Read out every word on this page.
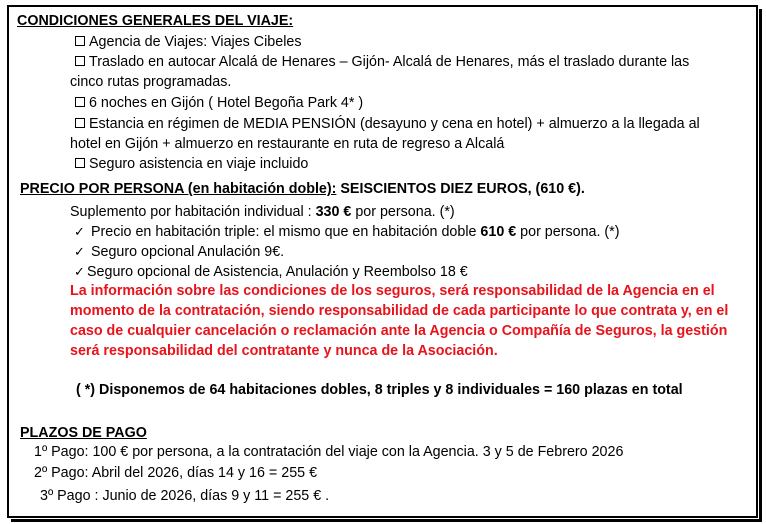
CONDICIONES GENERALES DEL VIAJE:
Agencia de Viajes: Viajes Cibeles
Traslado en autocar Alcalá de Henares – Gijón- Alcalá de Henares, más el traslado durante las
cinco rutas programadas.
6 noches en Gijón ( Hotel Begoña Park 4* )
Estancia en régimen de MEDIA PENSIÓN (desayuno y cena en hotel) + almuerzo a la llegada al
hotel en Gijón + almuerzo en restaurante en ruta de regreso a Alcalá
Seguro asistencia en viaje incluido
PRECIO POR PERSONA (en habitación doble): SEISCIENTOS DIEZ EUROS, (610 €).
Suplemento por habitación individual : 330 € por persona. (*)
✓ Precio en habitación triple: el mismo que en habitación doble 610 € por persona. (*)
✓ Seguro opcional Anulación 9€.
✓ Seguro opcional de Asistencia, Anulación y Reembolso 18 €
La información sobre las condiciones de los seguros, será responsabilidad de la Agencia en el
momento de la contratación, siendo responsabilidad de cada participante lo que contrata y, en el
caso de cualquier cancelación o reclamación ante la Agencia o Compañía de Seguros, la gestión
será responsabilidad del contratante y nunca de la Asociación.
( *) Disponemos de 64 habitaciones dobles, 8 triples y 8 individuales = 160 plazas en total
PLAZOS DE PAGO
1º Pago: 100 € por persona, a la contratación del viaje con la Agencia. 3 y 5 de Febrero 2026
2º Pago: Abril del 2026, días 14 y 16 = 255 €
3º Pago : Junio de 2026, días 9 y 11 = 255 € .
